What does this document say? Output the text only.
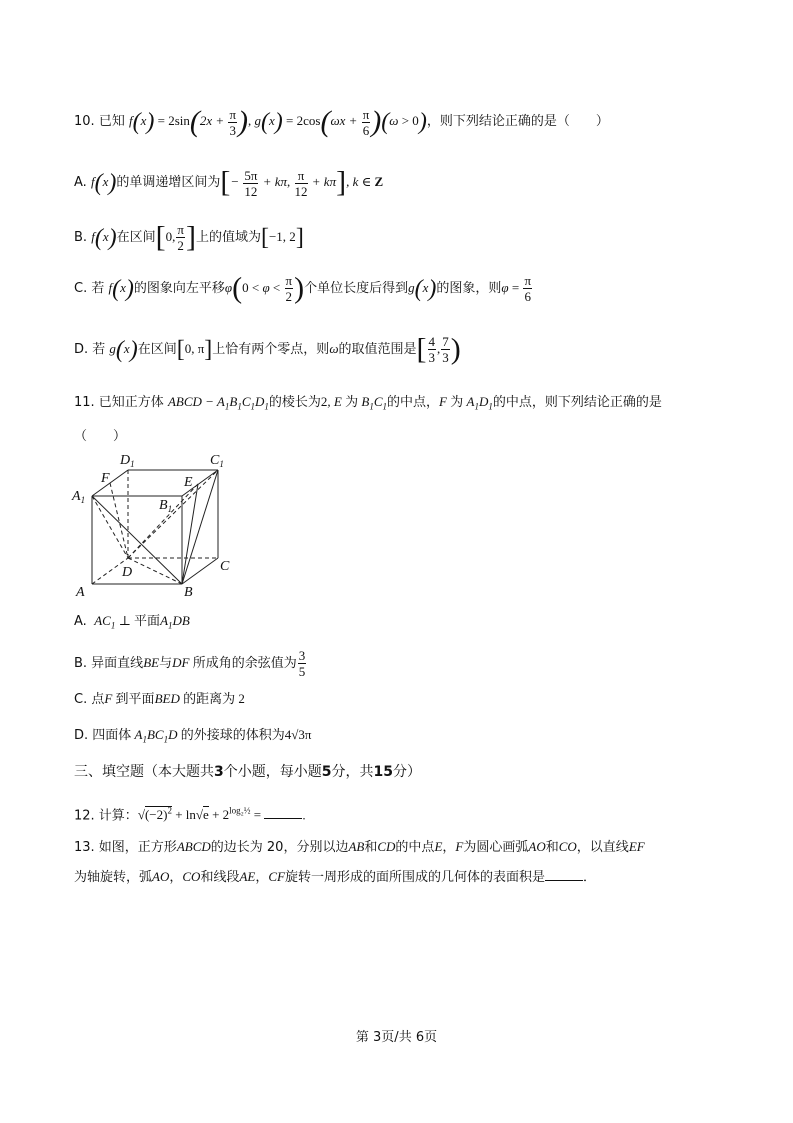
10. 已知 $f(x) = 2\sin(2x + \frac{\pi}{3}$ ), $g(x) = 2\cos(\omega x + \frac{\pi}{6} )(\omega > 0)$，则下列结论正确的是（　　）
A. f(x)的单调递增区间为[− $\frac{5\pi}{12} + k\pi$, $\frac{\pi}{12} + k\pi$], k ∈ Z
B. f(x)在区间[0, $\frac{\pi}{2}$ ]上的值域为[−1, 2]
C. 若 f(x)的图象向左平移$\varphi(0 < \varphi < \frac{\pi}{2}$ )个单位长度后得到g(x)的图象，则$\varphi = \frac{\pi}{6}$
D. 若 g(x)在区间[0, π]上恰有两个零点，则ω的取值范围是[ $\frac{4}{3}$ , $\frac{7}{3}$ )
11. 已知正方体 ABCD − $A_1B_1C_1D_1$的棱长为2, E 为 $B_1C_1$的中点，F 为 $A_1D_1$的中点，则下列结论正确的是
（　　）
$D_1$	$C_1$
$A_1$
F	E
$B_1$
D	C
A	B
A.  $AC_1$ ⊥ 平面$A_1DB$
B. 异面直线BE与DF 所成角的余弦值为 $\frac{3}{5}$
C. 点F 到平面BED 的距离为 2
D. 四面体 $A_1BC_1D$ 的外接球的体积为4√3π
三、填空题（本大题共3个小题，每小题5分，共15分）
12. 计算：$√(-2)^2 + \ln√e + 2^{log_2\frac{1}{2}}$ =	.
13. 如图，正方形ABCD的边长为 20，分别以边AB和CD的中点E，F为圆心画弧AO和CO，以直线EF
为轴旋转，弧AO，CO和线段AE，CF旋转一周形成的面所围成的几何体的表面积是	．
第 3页/共 6页
